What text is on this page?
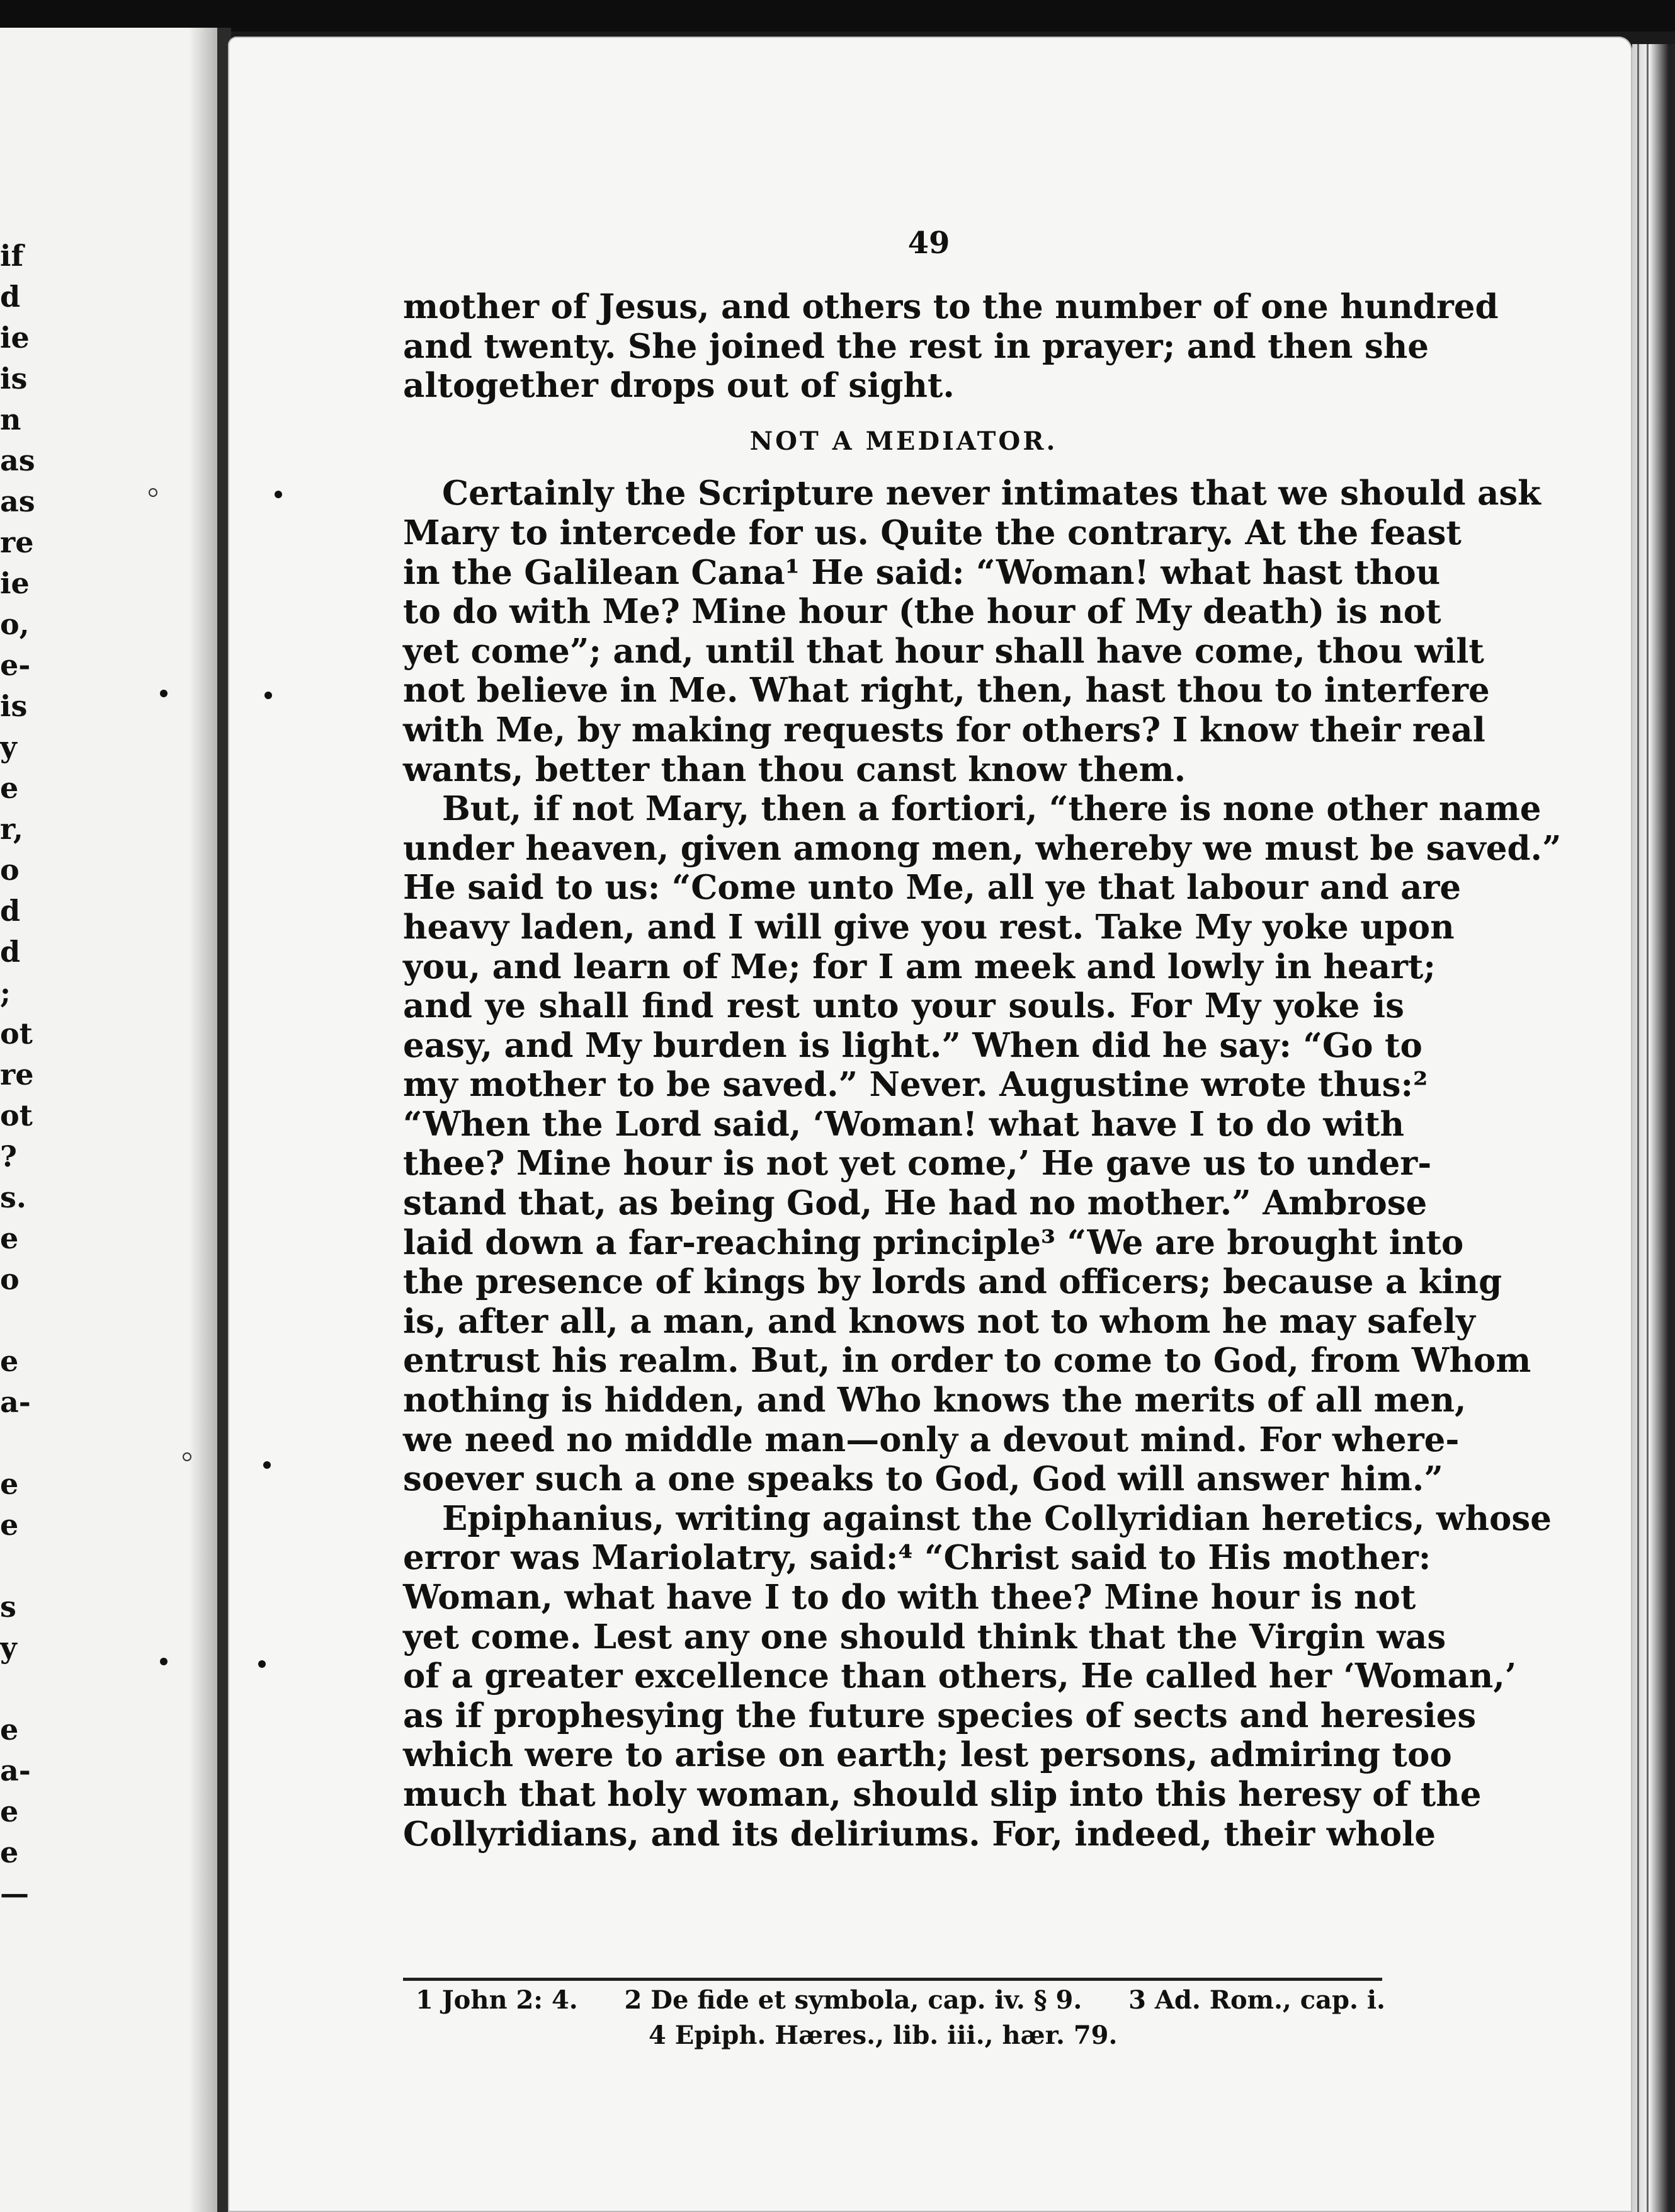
if
d
ie
is
n
as
as
re
ie
o,
e-
is
y
e
r,
o
d
d
;
ot
re
ot
?
s.
e
o
e
a-
e
e
s
y
e
a-
e
e
—
49
mother of Jesus, and others to the number of one hundred
and twenty. She joined the rest in prayer; and then she
altogether drops out of sight.
NOT A MEDIATOR.
Certainly the Scripture never intimates that we should ask
Mary to intercede for us. Quite the contrary. At the feast
in the Galilean Cana¹ He said: “Woman! what hast thou
to do with Me? Mine hour (the hour of My death) is not
yet come”; and, until that hour shall have come, thou wilt
not believe in Me. What right, then, hast thou to interfere
with Me, by making requests for others? I know their real
wants, better than thou canst know them.
But, if not Mary, then a fortiori, “there is none other name
under heaven, given among men, whereby we must be saved.”
He said to us: “Come unto Me, all ye that labour and are
heavy laden, and I will give you rest. Take My yoke upon
you, and learn of Me; for I am meek and lowly in heart;
and ye shall find rest unto your souls. For My yoke is
easy, and My burden is light.” When did he say: “Go to
my mother to be saved.” Never. Augustine wrote thus:²
“When the Lord said, ‘Woman! what have I to do with
thee? Mine hour is not yet come,’ He gave us to under-
stand that, as being God, He had no mother.” Ambrose
laid down a far-reaching principle³ “We are brought into
the presence of kings by lords and officers; because a king
is, after all, a man, and knows not to whom he may safely
entrust his realm. But, in order to come to God, from Whom
nothing is hidden, and Who knows the merits of all men,
we need no middle man—only a devout mind. For where-
soever such a one speaks to God, God will answer him.”
Epiphanius, writing against the Collyridian heretics, whose
error was Mariolatry, said:⁴ “Christ said to His mother:
Woman, what have I to do with thee? Mine hour is not
yet come. Lest any one should think that the Virgin was
of a greater excellence than others, He called her ‘Woman,’
as if prophesying the future species of sects and heresies
which were to arise on earth; lest persons, admiring too
much that holy woman, should slip into this heresy of the
Collyridians, and its deliriums. For, indeed, their whole
1 John 2: 4. 2 De fide et symbola, cap. iv. § 9. 3 Ad. Rom., cap. i.
4 Epiph. Hæres., lib. iii., hær. 79.
